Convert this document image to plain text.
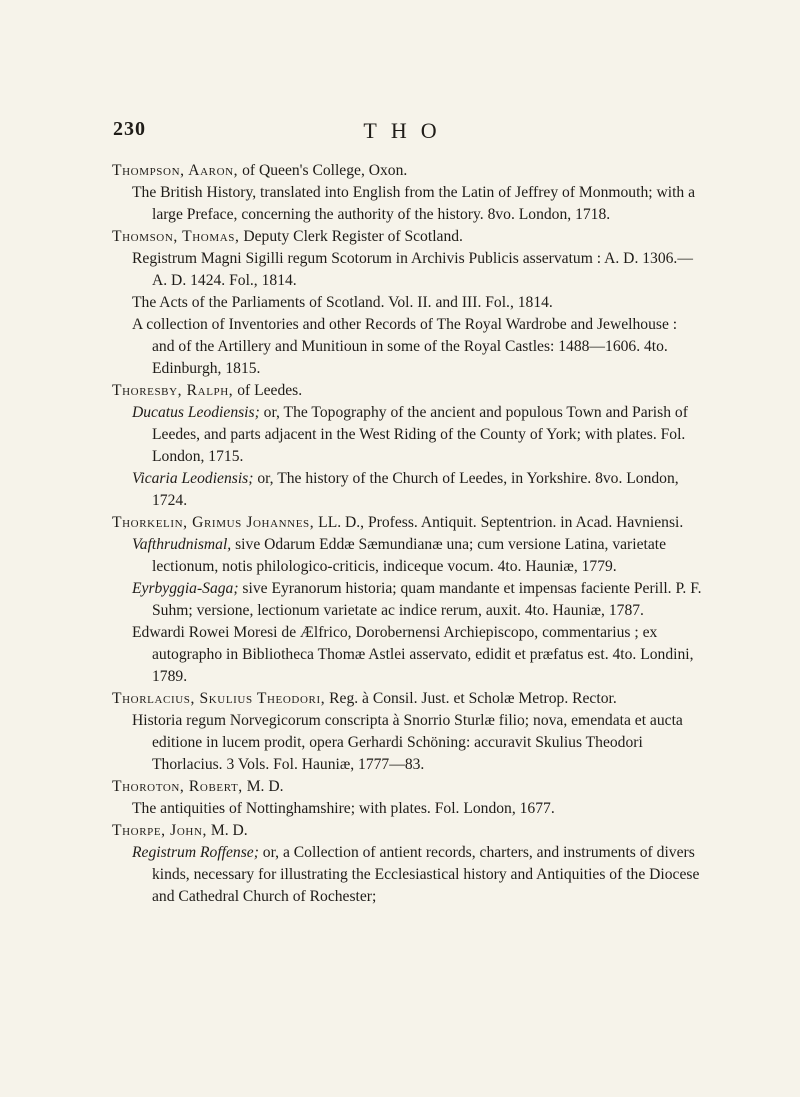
230	THO
Thompson, Aaron, of Queen's College, Oxon.
The British History, translated into English from the Latin of Jeffrey of Monmouth; with a large Preface, concerning the authority of the history. 8vo. London, 1718.
Thomson, Thomas, Deputy Clerk Register of Scotland.
Registrum Magni Sigilli regum Scotorum in Archivis Publicis asservatum : A. D. 1306.—A. D. 1424. Fol., 1814.
The Acts of the Parliaments of Scotland. Vol. II. and III. Fol., 1814.
A collection of Inventories and other Records of The Royal Wardrobe and Jewelhouse : and of the Artillery and Munitioun in some of the Royal Castles: 1488—1606. 4to. Edinburgh, 1815.
Thoresby, Ralph, of Leedes.
Ducatus Leodiensis; or, The Topography of the ancient and populous Town and Parish of Leedes, and parts adjacent in the West Riding of the County of York; with plates. Fol. London, 1715.
Vicaria Leodiensis; or, The history of the Church of Leedes, in Yorkshire. 8vo. London, 1724.
Thorkelin, Grimus Johannes, LL. D., Profess. Antiquit. Septentrion. in Acad. Havniensi.
Vafthrudnismal, sive Odarum Eddæ Sæmundianæ una; cum versione Latina, varietate lectionum, notis philologico-criticis, indiceque vocum. 4to. Hauniæ, 1779.
Eyrbyggia-Saga; sive Eyranorum historia; quam mandante et impensas faciente Perill. P. F. Suhm; versione, lectionum varietate ac indice rerum, auxit. 4to. Hauniæ, 1787.
Edwardi Rowei Moresi de Ælfrico, Dorobernensi Archiepiscopo, commentarius ; ex autographo in Bibliotheca Thomæ Astlei asservato, edidit et præfatus est. 4to. Londini, 1789.
Thorlacius, Skulius Theodori, Reg. à Consil. Just. et Scholæ Metrop. Rector.
Historia regum Norvegicorum conscripta à Snorrio Sturlæ filio; nova, emendata et aucta editione in lucem prodit, opera Gerhardi Schöning: accuravit Skulius Theodori Thorlacius. 3 Vols. Fol. Hauniæ, 1777—83.
Thoroton, Robert, M. D.
The antiquities of Nottinghamshire; with plates. Fol. London, 1677.
Thorpe, John, M. D.
Registrum Roffense; or, a Collection of antient records, charters, and instruments of divers kinds, necessary for illustrating the Ecclesiastical history and Antiquities of the Diocese and Cathedral Church of Rochester;
